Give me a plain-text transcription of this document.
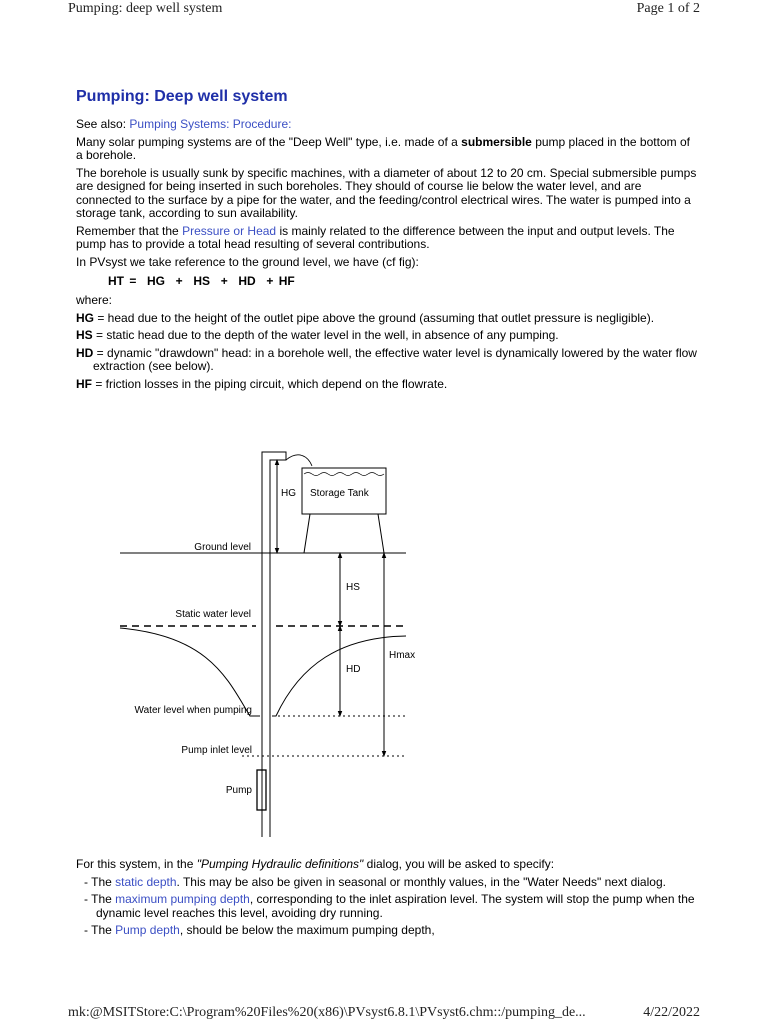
Pumping: deep well system	Page 1 of 2
Pumping: Deep well system

See also: Pumping Systems: Procedure:

Many solar pumping systems are of the "Deep Well" type, i.e. made of a submersible pump placed in the bottom of a borehole.

The borehole is usually sunk by specific machines, with a diameter of about 12 to 20 cm. Special submersible pumps are designed for being inserted in such boreholes. They should of course lie below the water level, and are connected to the surface by a pipe for the water, and the feeding/control electrical wires. The water is pumped into a storage tank, according to sun availability.

Remember that the Pressure or Head is mainly related to the difference between the input and output levels. The pump has to provide a total head resulting of several contributions.

In PVsyst we take reference to the ground level, we have (cf fig):

HT =  HG  +  HS  +  HD  + HF

where:

HG = head due to the height of the outlet pipe above the ground (assuming that outlet pressure is negligible).

HS = static head due to the depth of the water level in the well, in absence of any pumping.

HD = dynamic "drawdown" head: in a borehole well, the effective water level is dynamically lowered by the water flow extraction (see below).

HF = friction losses in the piping circuit, which depend on the flowrate.

Ground level
Static water level
Water level when pumping
Pump inlet level
Pump
HG Storage Tank
HS
HD
Hmax

For this system, in the "Pumping Hydraulic definitions" dialog, you will be asked to specify:

- The static depth. This may be also be given in seasonal or monthly values, in the "Water Needs" next dialog.

- The maximum pumping depth, corresponding to the inlet aspiration level. The system will stop the pump when the dynamic level reaches this level, avoiding dry running.

- The Pump depth, should be below the maximum pumping depth,

mk:@MSITStore:C:\Program%20Files%20(x86)\PVsyst6.8.1\PVsyst6.chm::/pumping_de...	4/22/2022
